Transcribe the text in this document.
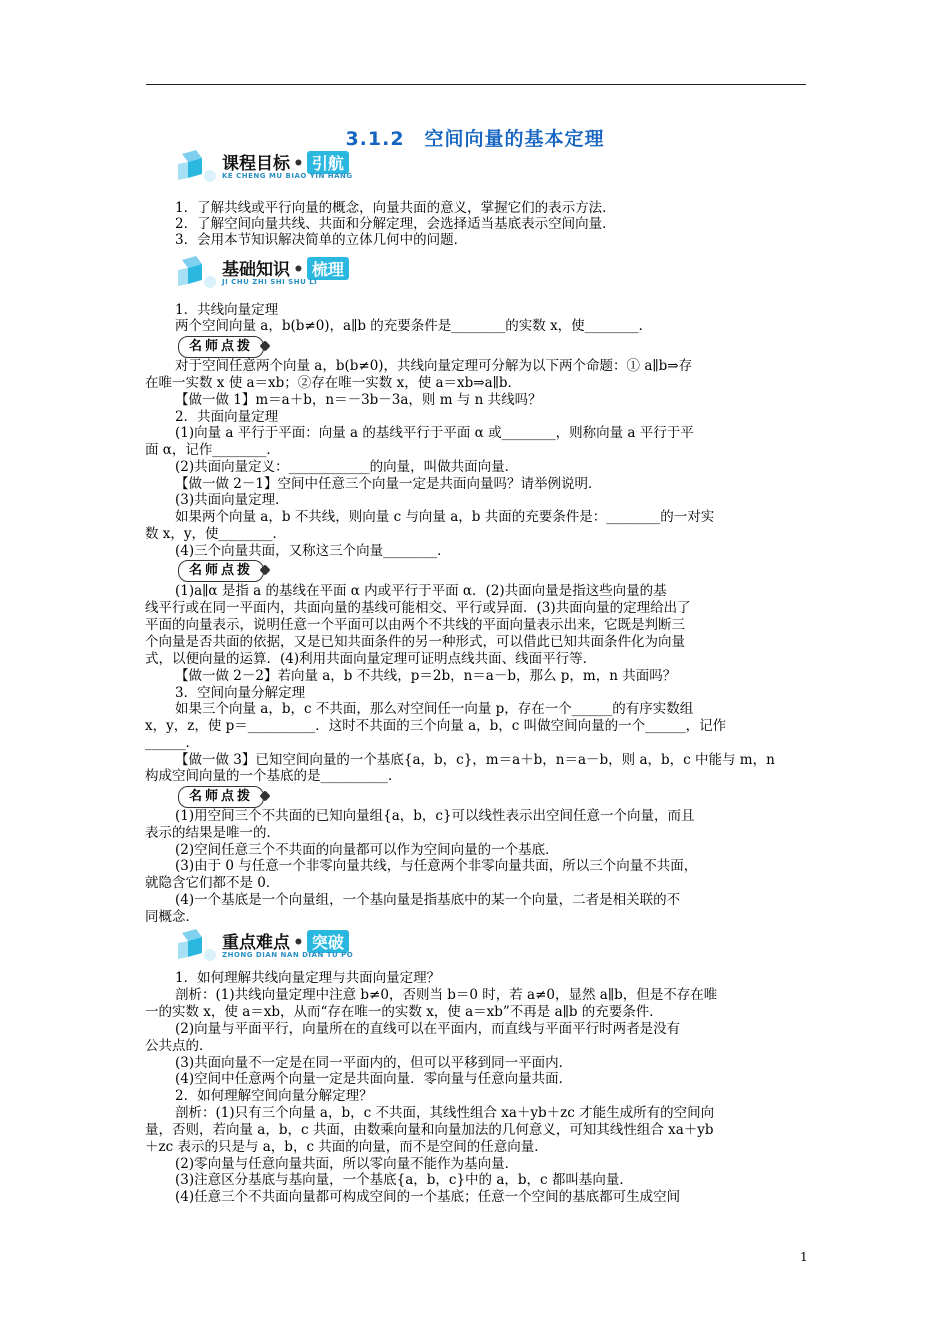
3.1.2　空间向量的基本定理
课程目标 • 引航
KE CHENG MU BIAO YIN HANG
基础知识 • 梳理
JI CHU ZHI SHI SHU LI
重点难点 • 突破
ZHONG DIAN NAN DIAN TU PO
名师点拨
名师点拨
名师点拨
1．了解共线或平行向量的概念，向量共面的意义，掌握它们的表示方法．
2．了解空间向量共线、共面和分解定理，会选择适当基底表示空间向量．
3．会用本节知识解决简单的立体几何中的问题．
1．共线向量定理
两个空间向量 a，b(b≠0)，a∥b 的充要条件是________的实数 x，使________．
对于空间任意两个向量 a，b(b≠0)，共线向量定理可分解为以下两个命题：① a∥b⇒存
在唯一实数 x 使 a＝xb；②存在唯一实数 x，使 a＝xb⇒a∥b．
【做一做 1】m＝a＋b，n＝－3b－3a，则 m 与 n 共线吗？
2．共面向量定理
(1)向量 a 平行于平面：向量 a 的基线平行于平面 α 或________，则称向量 a 平行于平
面 α，记作________．
(2)共面向量定义：____________的向量，叫做共面向量．
【做一做 2－1】空间中任意三个向量一定是共面向量吗？请举例说明．
(3)共面向量定理．
如果两个向量 a，b 不共线，则向量 c 与向量 a，b 共面的充要条件是：________的一对实
数 x，y，使________．
(4)三个向量共面，又称这三个向量________．
(1)a∥α 是指 a 的基线在平面 α 内或平行于平面 α．(2)共面向量是指这些向量的基
线平行或在同一平面内，共面向量的基线可能相交、平行或异面．(3)共面向量的定理给出了
平面的向量表示，说明任意一个平面可以由两个不共线的平面向量表示出来，它既是判断三
个向量是否共面的依据，又是已知共面条件的另一种形式，可以借此已知共面条件化为向量
式，以便向量的运算．(4)利用共面向量定理可证明点线共面、线面平行等．
【做一做 2－2】若向量 a，b 不共线，p＝2b，n＝a－b，那么 p，m，n 共面吗？
3．空间向量分解定理
如果三个向量 a，b，c 不共面，那么对空间任一向量 p，存在一个______的有序实数组
x，y，z，使 p＝__________．这时不共面的三个向量 a，b，c 叫做空间向量的一个______，记作
______．
【做一做 3】已知空间向量的一个基底{a，b，c}，m＝a＋b，n＝a－b，则 a，b，c 中能与 m，n
构成空间向量的一个基底的是__________．
(1)用空间三个不共面的已知向量组{a，b，c}可以线性表示出空间任意一个向量，而且
表示的结果是唯一的．
(2)空间任意三个不共面的向量都可以作为空间向量的一个基底．
(3)由于 0 与任意一个非零向量共线，与任意两个非零向量共面，所以三个向量不共面，
就隐含它们都不是 0．
(4)一个基底是一个向量组，一个基向量是指基底中的某一个向量，二者是相关联的不
同概念．
1．如何理解共线向量定理与共面向量定理？
剖析：(1)共线向量定理中注意 b≠0，否则当 b＝0 时，若 a≠0，显然 a∥b，但是不存在唯
一的实数 x，使 a＝xb，从而“存在唯一的实数 x，使 a＝xb”不再是 a∥b 的充要条件．
(2)向量与平面平行，向量所在的直线可以在平面内，而直线与平面平行时两者是没有
公共点的．
(3)共面向量不一定是在同一平面内的，但可以平移到同一平面内．
(4)空间中任意两个向量一定是共面向量．零向量与任意向量共面．
2．如何理解空间向量分解定理？
剖析：(1)只有三个向量 a，b，c 不共面，其线性组合 xa＋yb＋zc 才能生成所有的空间向
量，否则，若向量 a，b，c 共面，由数乘向量和向量加法的几何意义，可知其线性组合 xa＋yb
＋zc 表示的只是与 a，b，c 共面的向量，而不是空间的任意向量．
(2)零向量与任意向量共面，所以零向量不能作为基向量．
(3)注意区分基底与基向量，一个基底{a，b，c}中的 a，b，c 都叫基向量．
(4)任意三个不共面向量都可构成空间的一个基底；任意一个空间的基底都可生成空间
1
